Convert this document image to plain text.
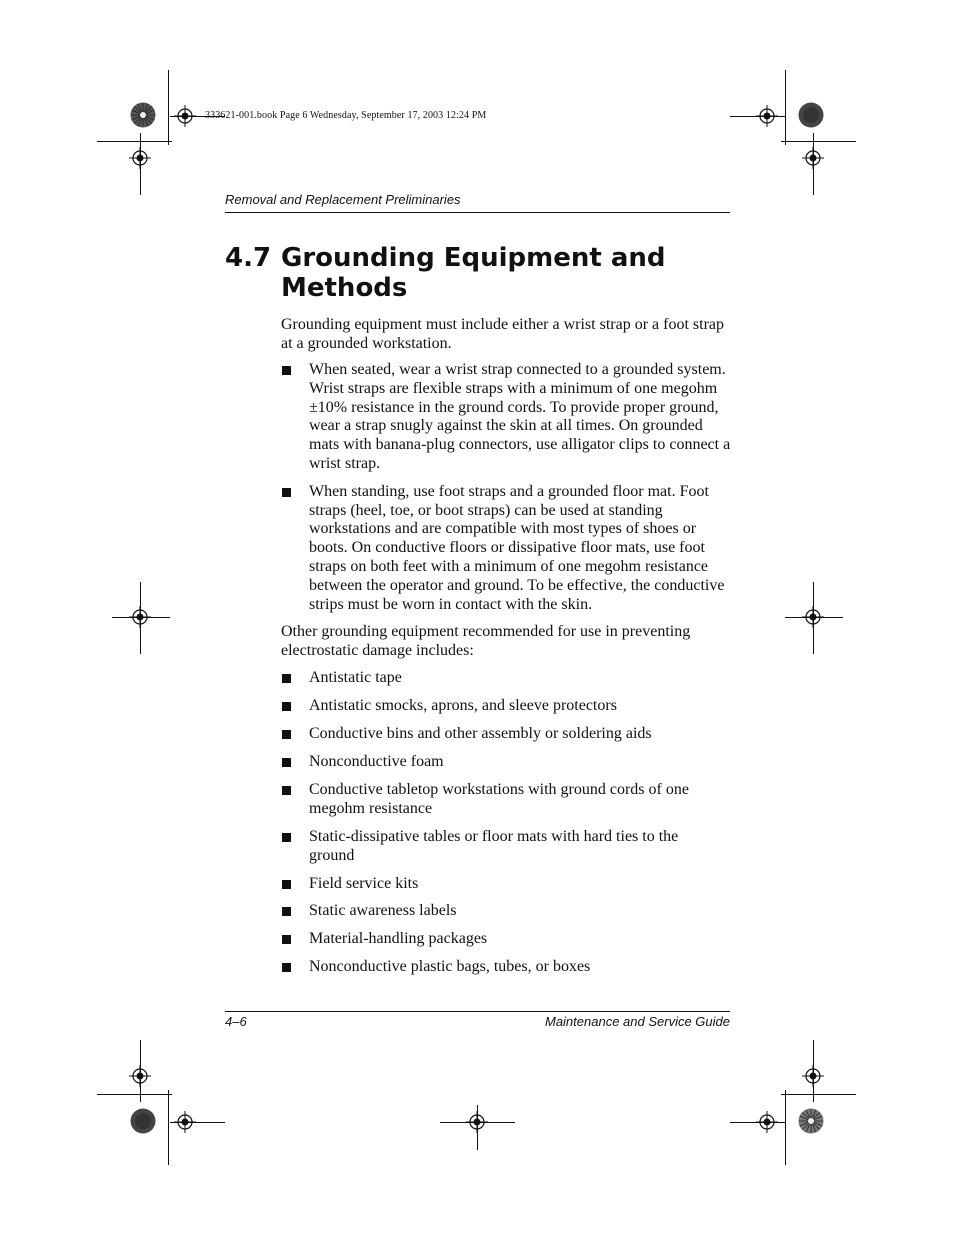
333621-001.book Page 6 Wednesday, September 17, 2003 12:24 PM
Removal and Replacement Preliminaries
4.7 Grounding Equipment and
Methods

Grounding equipment must include either a wrist strap or a foot strap at a grounded workstation.

When seated, wear a wrist strap connected to a grounded system. Wrist straps are flexible straps with a minimum of one megohm ±10% resistance in the ground cords. To provide proper ground, wear a strap snugly against the skin at all times. On grounded mats with banana-plug connectors, use alligator clips to connect a wrist strap.
When standing, use foot straps and a grounded floor mat. Foot straps (heel, toe, or boot straps) can be used at standing workstations and are compatible with most types of shoes or boots. On conductive floors or dissipative floor mats, use foot straps on both feet with a minimum of one megohm resistance between the operator and ground. To be effective, the conductive strips must be worn in contact with the skin.

Other grounding equipment recommended for use in preventing electrostatic damage includes:

Antistatic tape
Antistatic smocks, aprons, and sleeve protectors
Conductive bins and other assembly or soldering aids
Nonconductive foam
Conductive tabletop workstations with ground cords of one megohm resistance
Static-dissipative tables or floor mats with hard ties to the ground
Field service kits
Static awareness labels
Material-handling packages
Nonconductive plastic bags, tubes, or boxes
4–6	Maintenance and Service Guide
